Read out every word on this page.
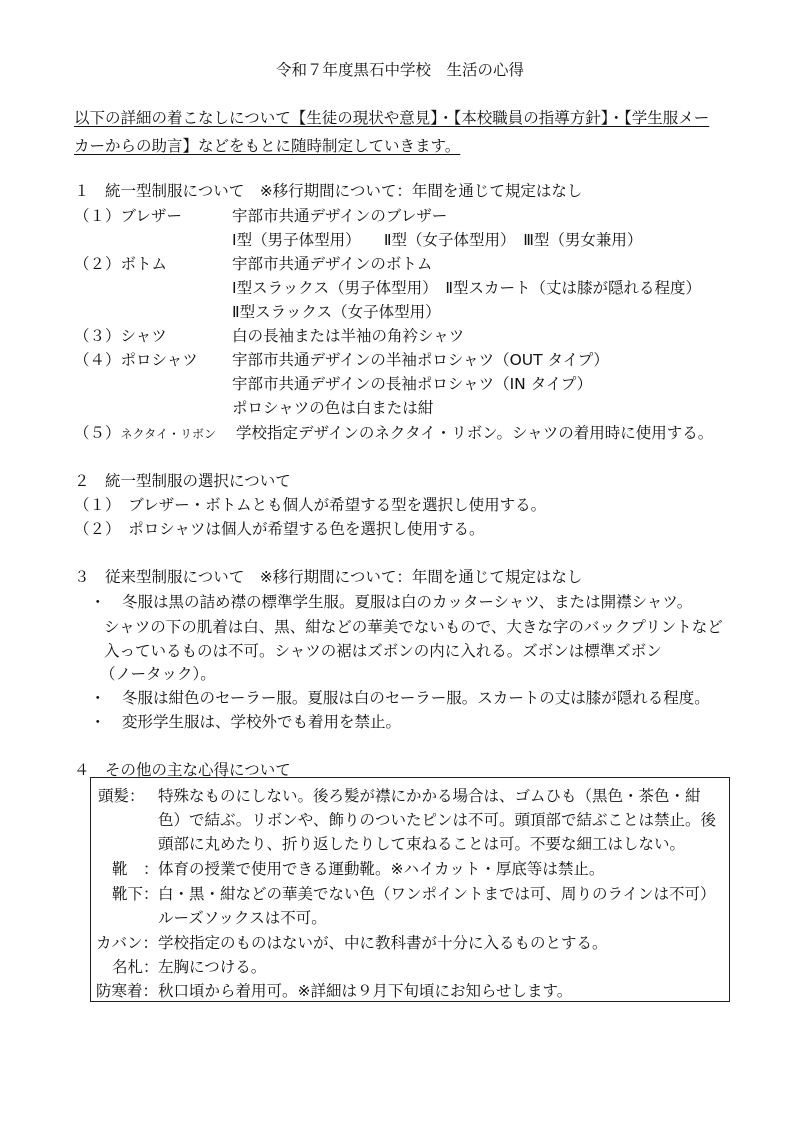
令和７年度黒石中学校　生活の心得
以下の詳細の着こなしについて【生徒の現状や意見】・【本校職員の指導方針】・【学生服メーカーからの助言】などをもとに随時制定していきます。
１　統一型制服について　※移行期間について：年間を通じて規定はなし
（１）ブレザー	宇部市共通デザインのブレザー
Ⅰ型（男子体型用）　　Ⅱ型（女子体型用）　Ⅲ型（男女兼用）
（２）ボトム	宇部市共通デザインのボトム
Ⅰ型スラックス（男子体型用）　Ⅱ型スカート（丈は膝が隠れる程度）
Ⅱ型スラックス（女子体型用）
（３）シャツ	白の長袖または半袖の角衿シャツ
（４）ポロシャツ 宇部市共通デザインの半袖ポロシャツ（OUT タイプ）
宇部市共通デザインの長袖ポロシャツ（IN タイプ）
ポロシャツの色は白または紺
（５）ネクタイ・リボン 学校指定デザインのネクタイ・リボン。シャツの着用時に使用する。
２　統一型制服の選択について
（１）　ブレザー・ボトムとも個人が希望する型を選択し使用する。
（２）　ポロシャツは個人が希望する色を選択し使用する。
３　従来型制服について　※移行期間について：年間を通じて規定はなし
・ 冬服は黒の詰め襟の標準学生服。夏服は白のカッターシャツ、または開襟シャツ。
シャツの下の肌着は白、黒、紺などの華美でないもので、大きな字のバックプリントなど入っているものは不可。シャツの裾はズボンの内に入れる。ズボンは標準ズボン
（ノータック）。
・ 冬服は紺色のセーラー服。夏服は白のセーラー服。スカートの丈は膝が隠れる程度。
・ 変形学生服は、学校外でも着用を禁止。
４　その他の主な心得について
頭髪： 特殊なものにしない。後ろ髪が襟にかかる場合は、ゴムひも（黒色・茶色・紺
色）で結ぶ。リボンや、飾りのついたピンは不可。頭頂部で結ぶことは禁止。後
頭部に丸めたり、折り返したりして束ねることは可。不要な細工はしない。
靴　： 体育の授業で使用できる運動靴。※ハイカット・厚底等は禁止。
靴下： 白・黒・紺などの華美でない色（ワンポイントまでは可、周りのラインは不可）
ルーズソックスは不可。
カバン： 学校指定のものはないが、中に教科書が十分に入るものとする。
名札： 左胸につける。
防寒着： 秋口頃から着用可。※詳細は９月下旬頃にお知らせします。
